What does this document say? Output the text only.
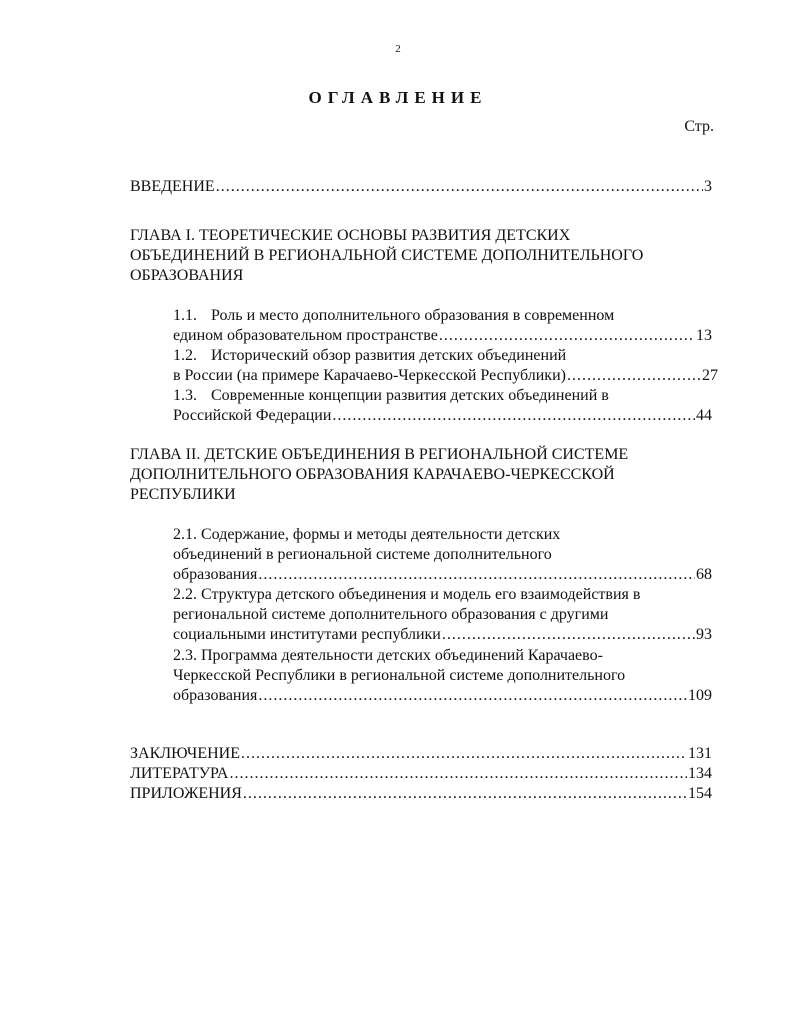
2
ОГЛАВЛЕНИЕ
Стр.
ВВЕДЕНИЕ .....	3
ГЛАВА I. ТЕОРЕТИЧЕСКИЕ ОСНОВЫ РАЗВИТИЯ ДЕТСКИХ
ОБЪЕДИНЕНИЙ В РЕГИОНАЛЬНОЙ СИСТЕМЕ ДОПОЛНИТЕЛЬНОГО
ОБРАЗОВАНИЯ
1.1. Роль и место дополнительного образования в современном
едином образовательном пространстве .....	13
1.2. Исторический обзор развития детских объединений
в России (на примере Карачаево-Черкесской Республики) .....	27
1.3. Современные концепции развития детских объединений в
Российской Федерации .....	44
ГЛАВА II. ДЕТСКИЕ ОБЪЕДИНЕНИЯ В РЕГИОНАЛЬНОЙ СИСТЕМЕ
ДОПОЛНИТЕЛЬНОГО ОБРАЗОВАНИЯ КАРАЧАЕВО-ЧЕРКЕССКОЙ
РЕСПУБЛИКИ
2.1. Содержание, формы и методы деятельности детских
объединений в региональной системе дополнительного
образования .....	68
2.2. Структура детского объединения и модель его взаимодействия в
региональной системе дополнительного образования с другими
социальными институтами республики .....	93
2.3. Программа деятельности детских объединений Карачаево-
Черкесской Республики в региональной системе дополнительного
образования .....	109
ЗАКЛЮЧЕНИЕ .....	131
ЛИТЕРАТУРА .....	134
ПРИЛОЖЕНИЯ .....	154
